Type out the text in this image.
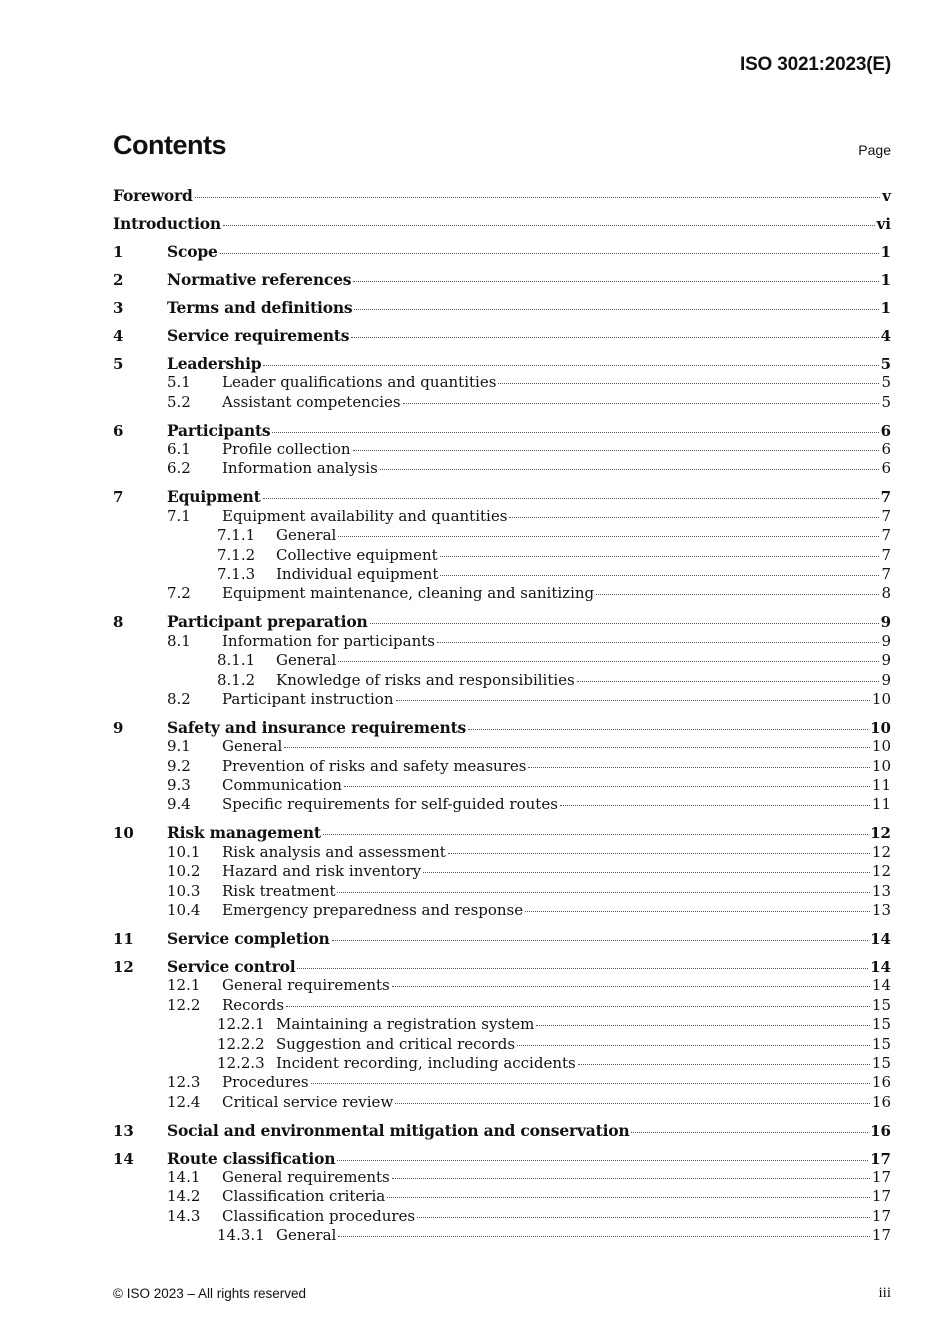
ISO 3021:2023(E)
Contents	Page
Foreword	v
Introduction	vi
1	Scope	1
2	Normative references	1
3	Terms and definitions	1
4	Service requirements	4
5	Leadership	5
5.1	Leader qualifications and quantities	5
5.2	Assistant competencies	5
6	Participants	6
6.1	Profile collection	6
6.2	Information analysis	6
7	Equipment	7
7.1	Equipment availability and quantities	7
7.1.1	General	7
7.1.2	Collective equipment	7
7.1.3	Individual equipment	7
7.2	Equipment maintenance, cleaning and sanitizing	8
8	Participant preparation	9
8.1	Information for participants	9
8.1.1	General	9
8.1.2	Knowledge of risks and responsibilities	9
8.2	Participant instruction	10
9	Safety and insurance requirements	10
9.1	General	10
9.2	Prevention of risks and safety measures	10
9.3	Communication	11
9.4	Specific requirements for self-guided routes	11
10	Risk management	12
10.1	Risk analysis and assessment	12
10.2	Hazard and risk inventory	12
10.3	Risk treatment	13
10.4	Emergency preparedness and response	13
11	Service completion	14
12	Service control	14
12.1	General requirements	14
12.2	Records	15
12.2.1 Maintaining a registration system	15
12.2.2 Suggestion and critical records	15
12.2.3 Incident recording, including accidents	15
12.3	Procedures	16
12.4	Critical service review	16
13	Social and environmental mitigation and conservation	16
14	Route classification	17
14.1	General requirements	17
14.2	Classification criteria	17
14.3	Classification procedures	17
14.3.1 General	17
© ISO 2023 – All rights reserved	iii
